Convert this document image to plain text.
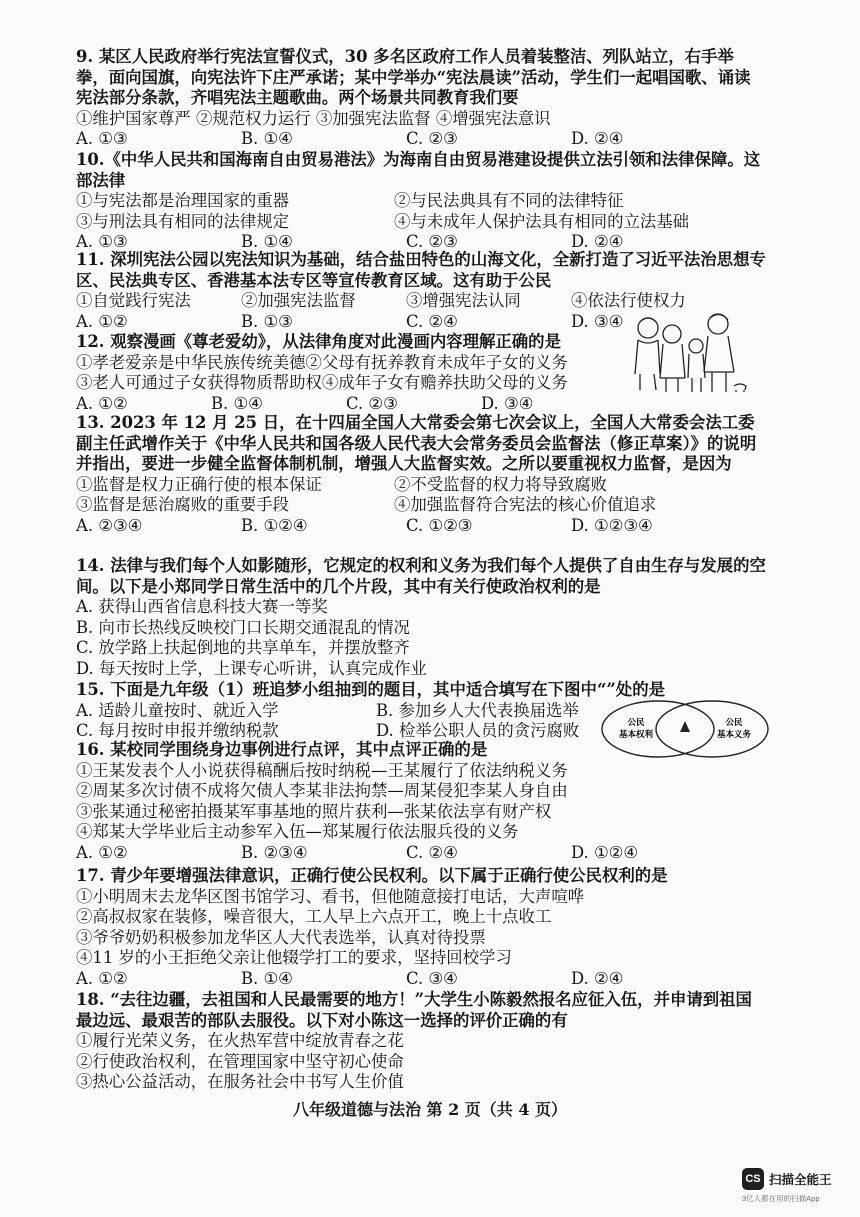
9. 某区人民政府举行宪法宣誓仪式，30 多名区政府工作人员着装整洁、列队站立，右手举拳，面向国旗，向宪法许下庄严承诺；某中学举办“宪法晨读”活动，学生们一起唱国歌、诵读宪法部分条款，齐唱宪法主题歌曲。两个场景共同教育我们要

①维护国家尊严 ②规范权力运行 ③加强宪法监督 ④增强宪法意识

A. ①③	B. ①④	C. ②③	D. ②④

10.《中华人民共和国海南自由贸易港法》为海南自由贸易港建设提供立法引领和法律保障。这部法律

①与宪法都是治理国家的重器	②与民法典具有不同的法律特征
③与刑法具有相同的法律规定	④与未成年人保护法具有相同的立法基础
A. ①③	B. ①④	C. ②③	D. ②④

11. 深圳宪法公园以宪法知识为基础，结合盐田特色的山海文化，全新打造了习近平法治思想专区、民法典专区、香港基本法专区等宣传教育区域。这有助于公民

①自觉践行宪法	②加强宪法监督	③增强宪法认同	④依法行使权力
A. ①②	B. ①③	C. ②④	D. ③④

12. 观察漫画《尊老爱幼》，从法律角度对此漫画内容理解正确的是

①孝老爱亲是中华民族传统美德②父母有抚养教育未成年子女的义务

③老人可通过子女获得物质帮助权④成年子女有赡养扶助父母的义务

A. ①②	B. ①④	C. ②③	D. ③④

13. 2023 年 12 月 25 日，在十四届全国人大常委会第七次会议上，全国人大常委会法工委副主任武增作关于《中华人民共和国各级人民代表大会常务委员会监督法（修正草案）》的说明并指出，要进一步健全监督体制机制，增强人大监督实效。之所以要重视权力监督，是因为

①监督是权力正确行使的根本保证	②不受监督的权力将导致腐败
③监督是惩治腐败的重要手段	④加强监督符合宪法的核心价值追求
A. ②③④	B. ①②④	C. ①②③	D. ①②③④

14. 法律与我们每个人如影随形，它规定的权利和义务为我们每个人提供了自由生存与发展的空间。以下是小郑同学日常生活中的几个片段，其中有关行使政治权利的是

A. 获得山西省信息科技大赛一等奖

B. 向市长热线反映校门口长期交通混乱的情况

C. 放学路上扶起倒地的共享单车，并摆放整齐

D. 每天按时上学，上课专心听讲，认真完成作业

15. 下面是九年级（1）班追梦小组抽到的题目，其中适合填写在下图中“”处的是

A. 适龄儿童按时、就近入学	B. 参加乡人大代表换届选举
C. 每月按时申报并缴纳税款	D. 检举公职人员的贪污腐败	公民
基本权利
公民
基本义务

16. 某校同学围绕身边事例进行点评，其中点评正确的是

①王某发表个人小说获得稿酬后按时纳税—王某履行了依法纳税义务

②周某多次讨债不成将欠债人李某非法拘禁—周某侵犯李某人身自由

③张某通过秘密拍摄某军事基地的照片获利—张某依法享有财产权

④郑某大学毕业后主动参军入伍—郑某履行依法服兵役的义务

A. ①②	B. ②③④	C. ②④	D. ①②④

17. 青少年要增强法律意识，正确行使公民权利。以下属于正确行使公民权利的是

①小明周末去龙华区图书馆学习、看书，但他随意接打电话，大声喧哗

②高叔叔家在装修，噪音很大，工人早上六点开工，晚上十点收工

③爷爷奶奶积极参加龙华区人大代表选举，认真对待投票

④11 岁的小王拒绝父亲让他辍学打工的要求，坚持回校学习

A. ①②	B. ①④	C. ③④	D. ②④

18. “去往边疆，去祖国和人民最需要的地方！”大学生小陈毅然报名应征入伍，并申请到祖国最边远、最艰苦的部队去服役。以下对小陈这一选择的评价正确的有

①履行光荣义务，在火热军营中绽放青春之花

②行使政治权利，在管理国家中坚守初心使命

③热心公益活动，在服务社会中书写人生价值

八年级道德与法治 第 2 页（共 4 页）
CS 扫描全能王
3亿人都在用的扫描App
